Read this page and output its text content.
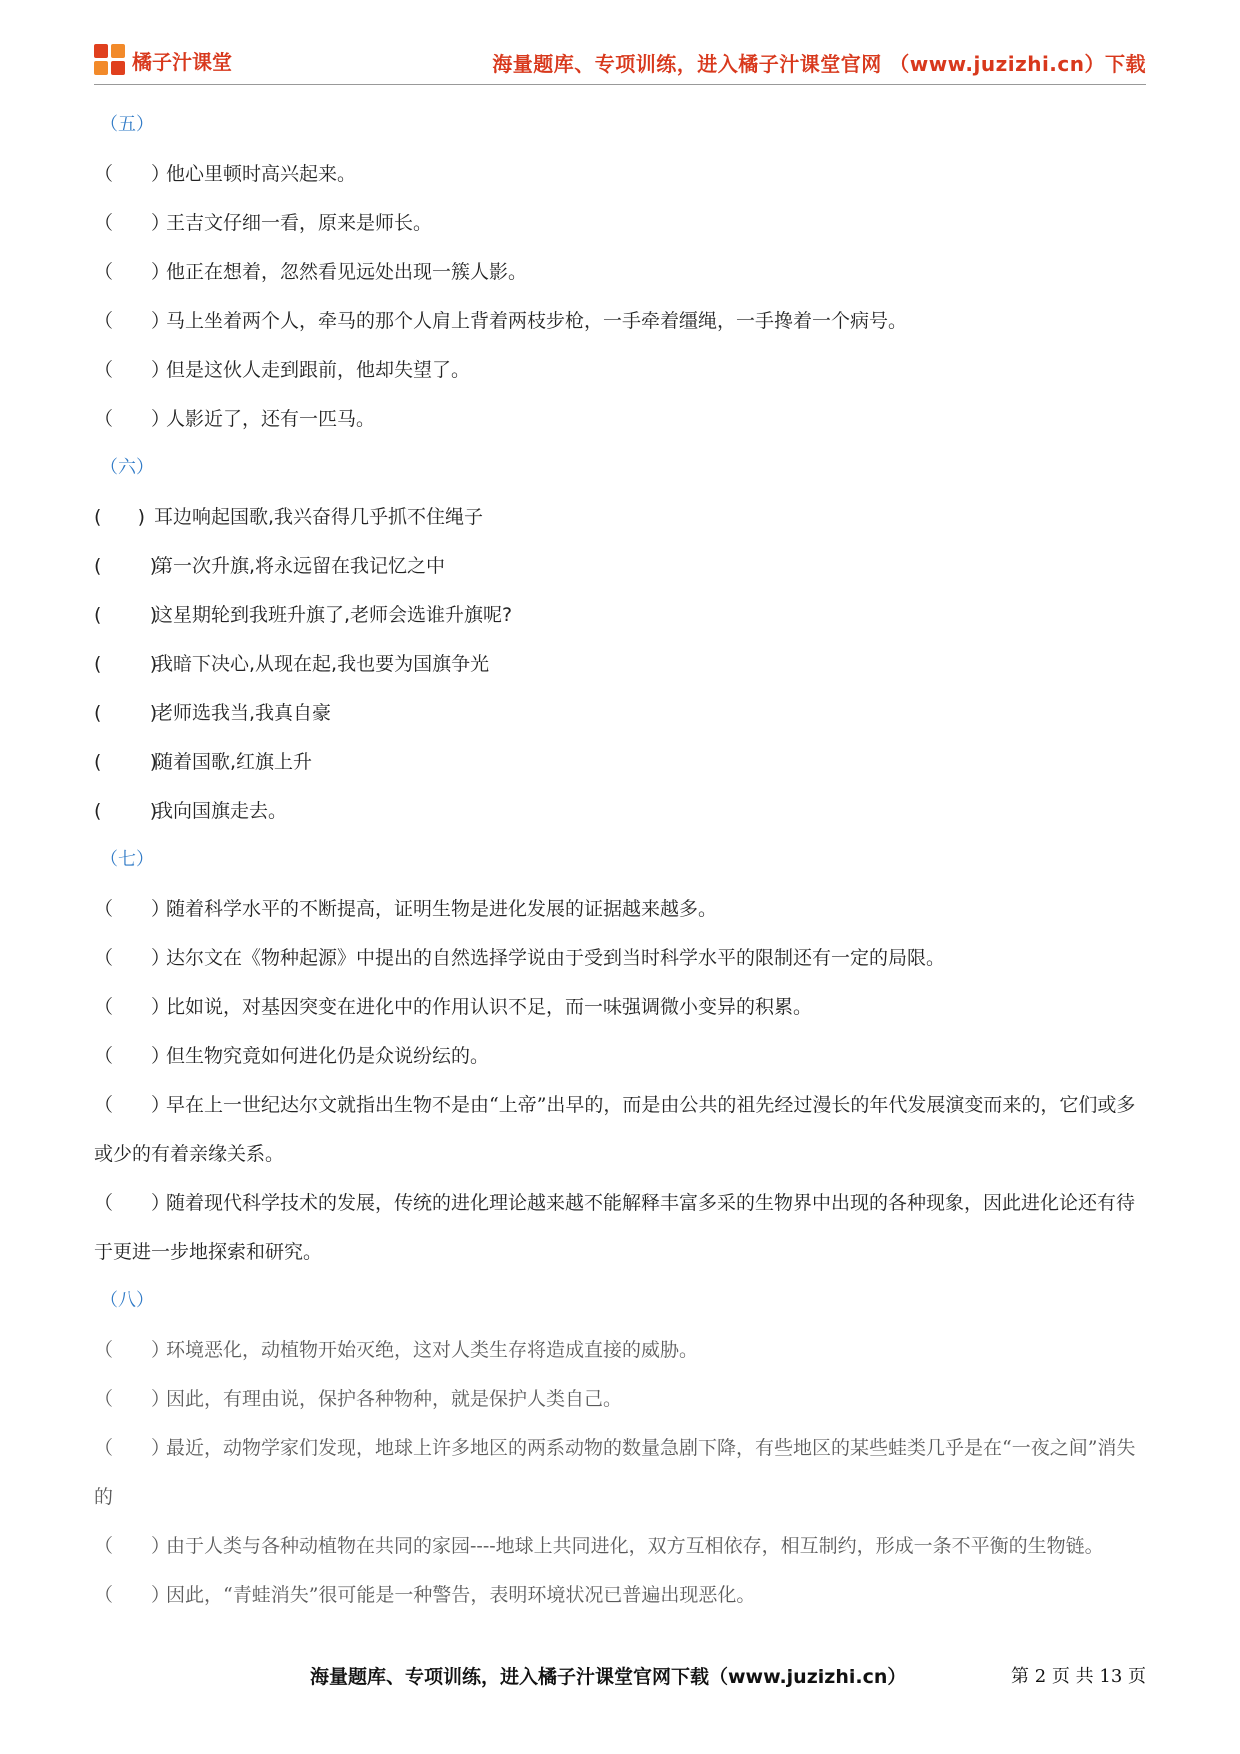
橘子汁课堂	海量题库、专项训练，进入橘子汁课堂官网 （www.juzizhi.cn）下载
（五）
（　　）他心里顿时高兴起来。
（　　）王吉文仔细一看，原来是师长。
（　　）他正在想着，忽然看见远处出现一簇人影。
（　　）马上坐着两个人，牵马的那个人肩上背着两枝步枪，一手牵着缰绳，一手搀着一个病号。
（　　）但是这伙人走到跟前，他却失望了。
（　　）人影近了，还有一匹马。
（六）
(      ) 耳边响起国歌,我兴奋得几乎抓不住绳子
(        )第一次升旗,将永远留在我记忆之中
(        )这星期轮到我班升旗了,老师会选谁升旗呢?
(        )我暗下决心,从现在起,我也要为国旗争光
(        )老师选我当,我真自豪
(        )随着国歌,红旗上升
(        )我向国旗走去。
（七）
（　　）随着科学水平的不断提高，证明生物是进化发展的证据越来越多。
（　　）达尔文在《物种起源》中提出的自然选择学说由于受到当时科学水平的限制还有一定的局限。
（　　）比如说，对基因突变在进化中的作用认识不足，而一味强调微小变异的积累。
（　　）但生物究竟如何进化仍是众说纷纭的。
（　　）早在上一世纪达尔文就指出生物不是由“上帝”出早的，而是由公共的祖先经过漫长的年代发展演变而来的，它们或多或少的有着亲缘关系。
（　　）随着现代科学技术的发展，传统的进化理论越来越不能解释丰富多采的生物界中出现的各种现象，因此进化论还有待于更进一步地探索和研究。
（八）
（　　）环境恶化，动植物开始灭绝，这对人类生存将造成直接的威胁。
（　　）因此，有理由说，保护各种物种，就是保护人类自己。
（　　）最近，动物学家们发现，地球上许多地区的两系动物的数量急剧下降，有些地区的某些蛙类几乎是在“一夜之间”消失的
（　　）由于人类与各种动植物在共同的家园----地球上共同进化，双方互相依存，相互制约，形成一条不平衡的生物链。
（　　）因此，“青蛙消失”很可能是一种警告，表明环境状况已普遍出现恶化。
海量题库、专项训练，进入橘子汁课堂官网下载（www.juzizhi.cn）	第 2 页 共 13 页
